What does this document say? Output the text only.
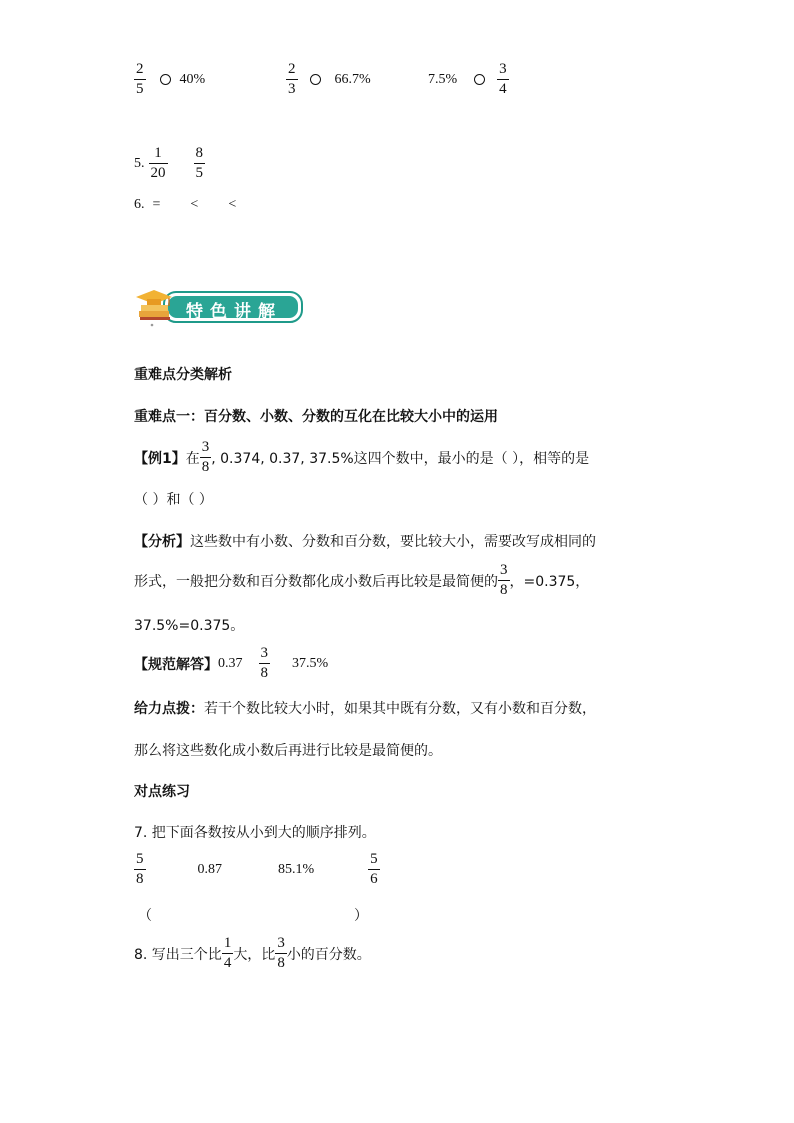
$\frac{2}{5} 40\%$	$\frac{2}{3}$	66.7%	7.5%	$\frac{3}{4}$
5. $\frac{1}{20} \frac{8}{5}$
6. = < <
特色讲解
重难点分类解析
重难点一：百分数、小数、分数的互化在比较大小中的运用
【例1】 在 $\frac{3}{8}$ , 0.374, 0.37, 37.5%这四个数中，最小的是（ ），相等的是
（ ）和（ ）
【分析】 这些数中有小数、分数和百分数，要比较大小，需要改写成相同的
形式，一般把分数和百分数都化成小数后再比较是最简便的 $\frac{3}{8}$ ，=0.375，
37.5%=0.375。
【规范解答】 $0.37 \frac{3}{8} 37.5\%$
给力点拨： 若干个数比较大小时，如果其中既有分数，又有小数和百分数，
那么将这些数化成小数后再进行比较是最简便的。
对点练习
7. 把下面各数按从小到大的顺序排列。
$\frac{5}{8}$	0.87	85.1%	$\frac{5}{6}$
（	）
8. 写出三个比 $\frac{1}{4}$ 大，比 $\frac{3}{8}$ 小的百分数。
